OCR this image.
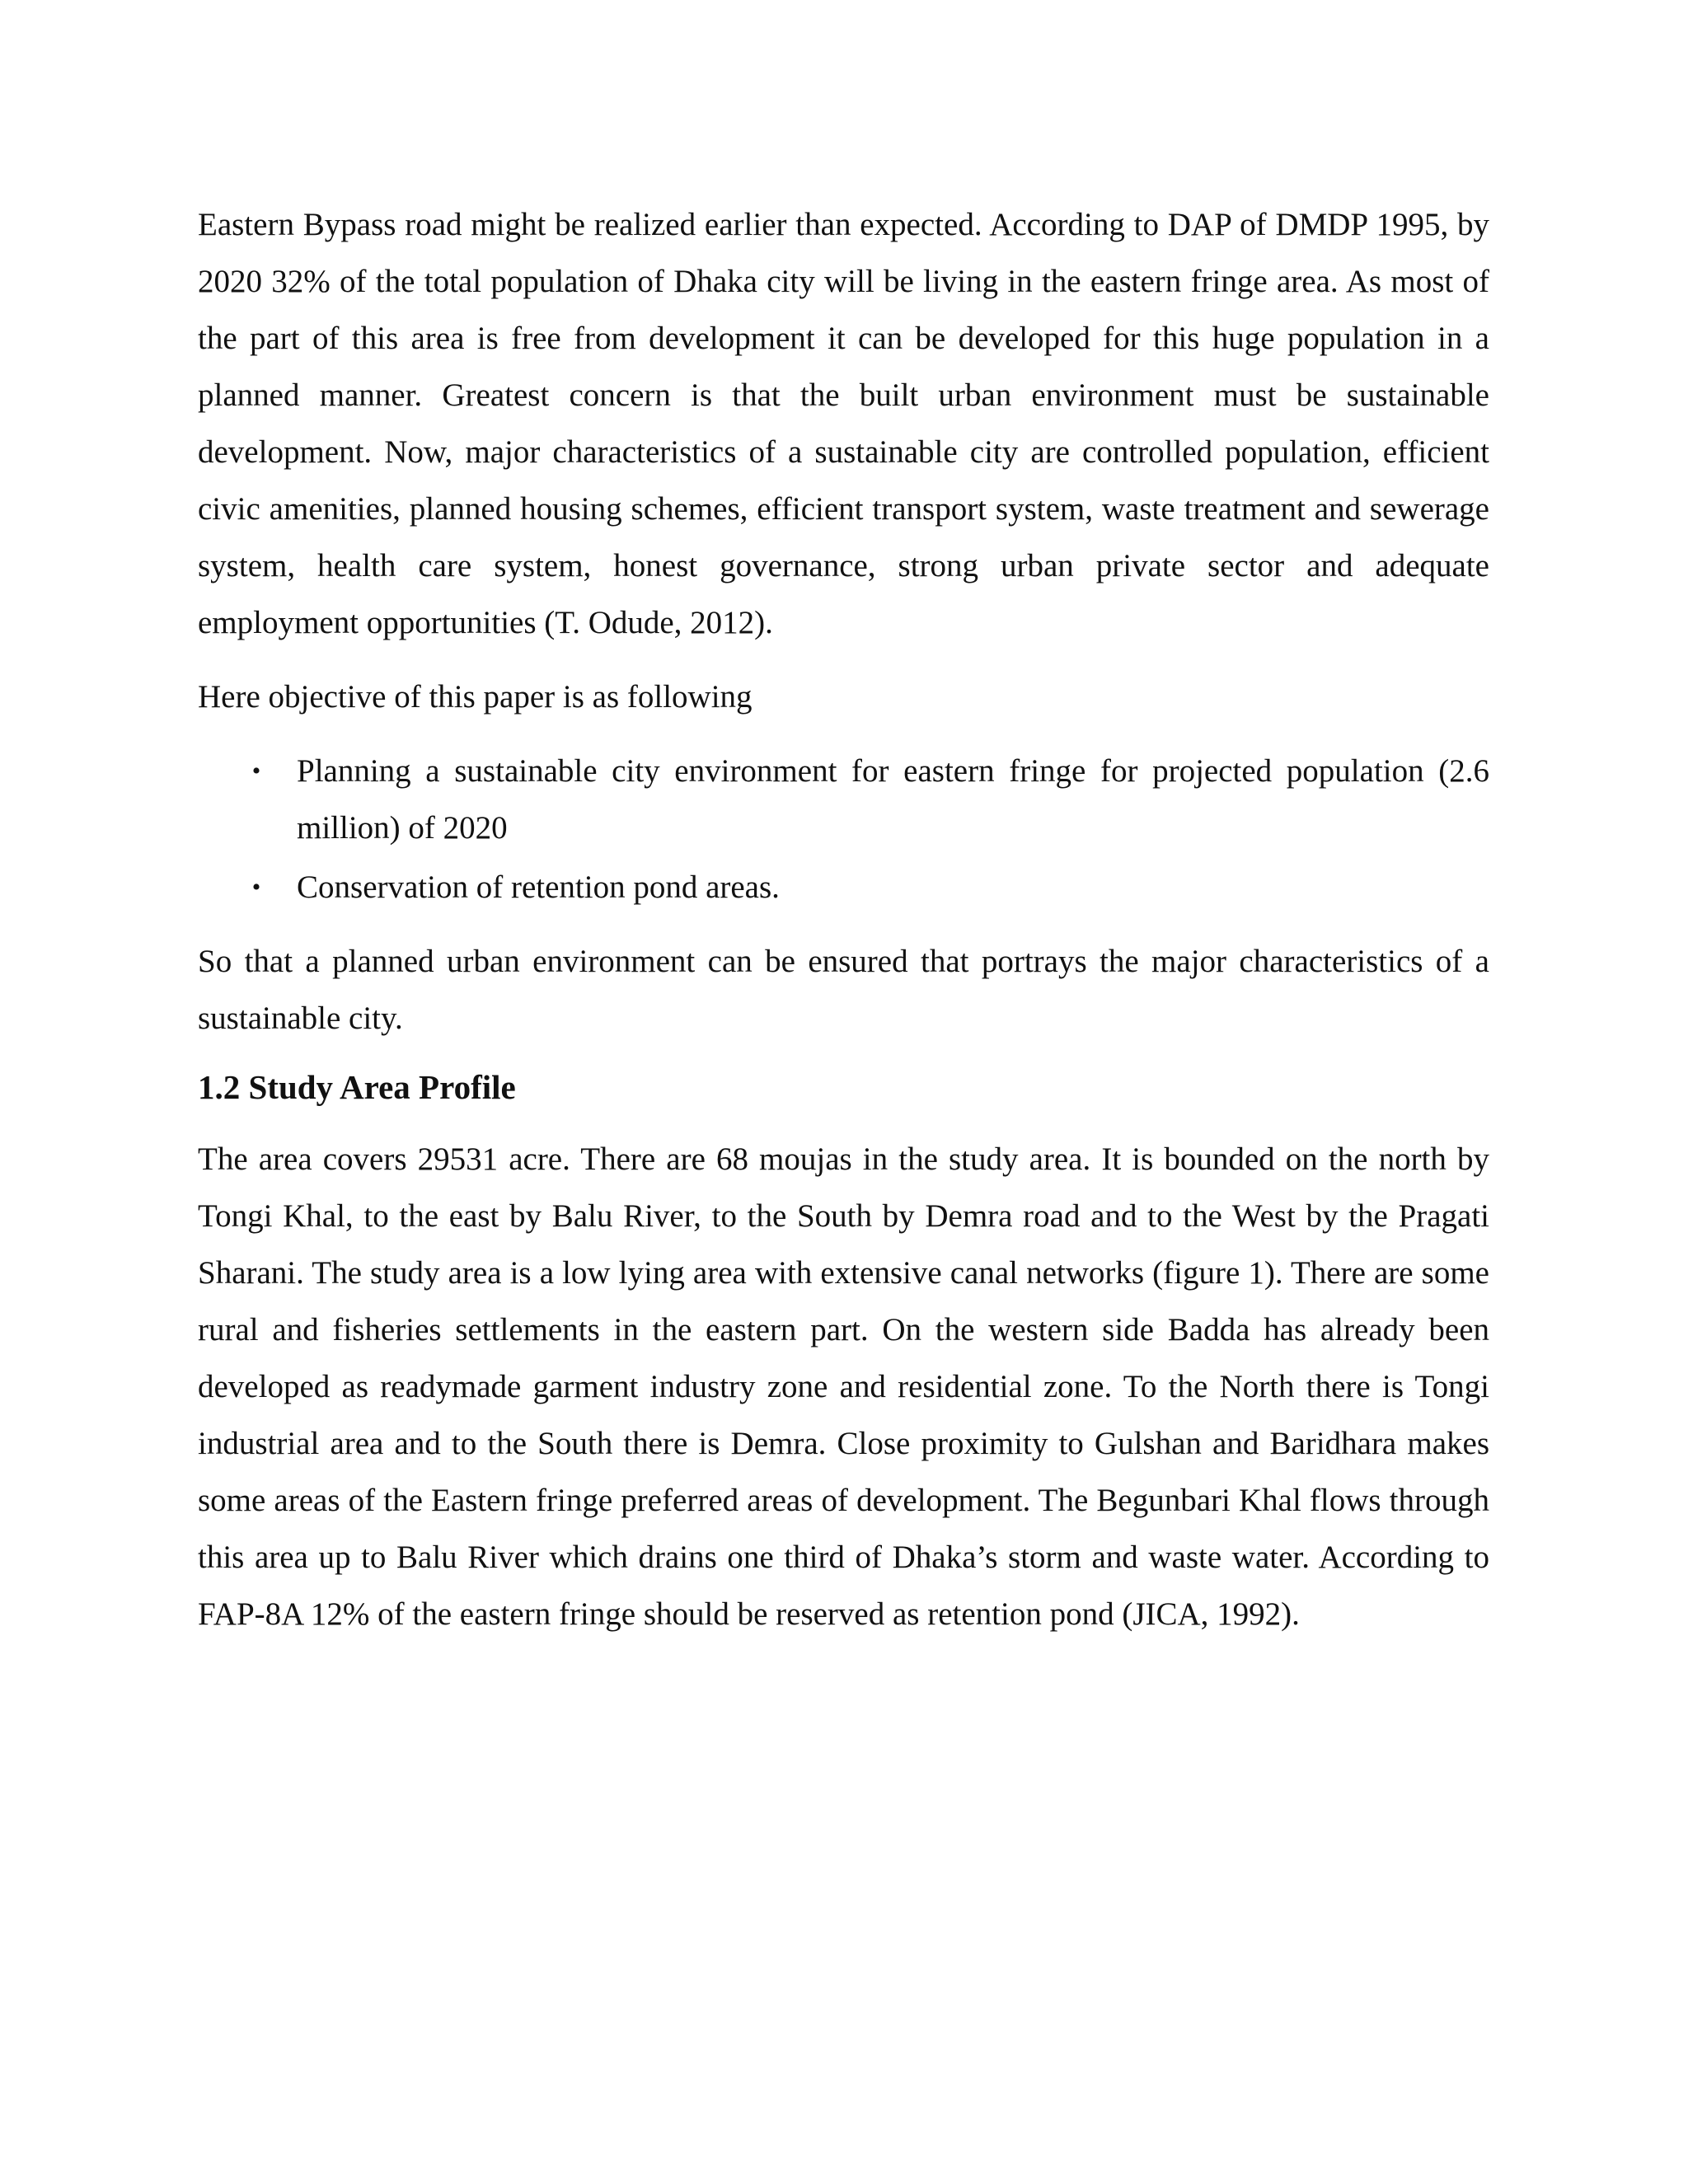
Eastern Bypass road might be realized earlier than expected. According to DAP of DMDP 1995, by 2020 32% of the total population of Dhaka city will be living in the eastern fringe area. As most of the part of this area is free from development it can be developed for this huge population in a planned manner. Greatest concern is that the built urban environment must be sustainable development. Now, major characteristics of a sustainable city are controlled population, efficient civic amenities, planned housing schemes, efficient transport system, waste treatment and sewerage system, health care system, honest governance, strong urban private sector and adequate employment opportunities (T. Odude, 2012).

Here objective of this paper is as following

• Planning a sustainable city environment for eastern fringe for projected population (2.6 million) of 2020
• Conservation of retention pond areas.

So that a planned urban environment can be ensured that portrays the major characteristics of a sustainable city.

1.2 Study Area Profile

The area covers 29531 acre. There are 68 moujas in the study area. It is bounded on the north by Tongi Khal, to the east by Balu River, to the South by Demra road and to the West by the Pragati Sharani. The study area is a low lying area with extensive canal networks (figure 1). There are some rural and fisheries settlements in the eastern part. On the western side Badda has already been developed as readymade garment industry zone and residential zone. To the North there is Tongi industrial area and to the South there is Demra. Close proximity to Gulshan and Baridhara makes some areas of the Eastern fringe preferred areas of development. The Begunbari Khal flows through this area up to Balu River which drains one third of Dhaka’s storm and waste water. According to FAP-8A 12% of the eastern fringe should be reserved as retention pond (JICA, 1992).
